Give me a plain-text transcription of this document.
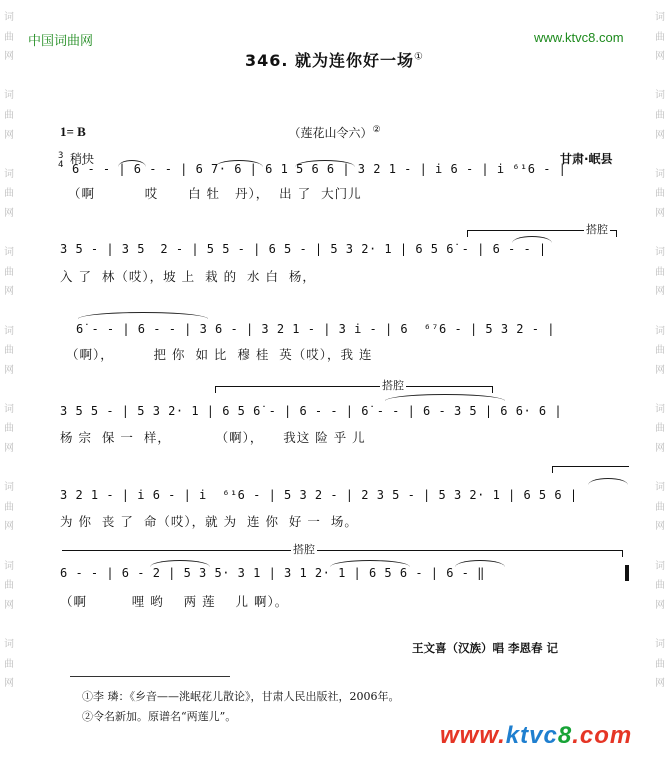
词
曲
网

词
曲
网

词
曲
网

词
曲
网

词
曲
网

词
曲
网

词
曲
网

词
曲
网

词
曲
网
词
曲
网

词
曲
网

词
曲
网

词
曲
网

词
曲
网

词
曲
网

词
曲
网

词
曲
网

词
曲
网
中国词曲网	www.ktvc8.com
346. 就为连你好一场①
1= B	（莲花山令六）②
稍快	甘肃·岷县
6̇ - - | 6 - - | 6 7· 6 | 6 1 5 6 6 | 3 2 1 - | i 6 - | i ⁶¹6 - |
（啊          哎      白 牡   丹），  出 了  大门儿
3
4
搭腔
3 5 - | 3 5  2 - | 5 5 - | 6 5 - | 5 3 2· 1 | 6 5 6̇ - | 6 - - |
入 了  林（哎），坡 上  栽 的  水 白  杨，
6̇ - - | 6 - - | 3 6 - | 3 2 1 - | 3 i - | 6  ⁶⁷6 - | 5 3 2 - |
（啊），        把 你  如 比  穆 桂  英（哎），我 连
搭腔
3 5 5 - | 5 3 2· 1 | 6 5 6̇ - | 6 - - | 6̇ - - | 6 - 3 5 | 6 6· 6 |
杨 宗  保 一  样，         （啊），    我这 险 乎 儿
3 2 1 - | i 6 - | i  ⁶¹6 - | 5 3 2 - | 2 3 5 - | 5 3 2· 1 | 6 5 6 |
为 你  丧 了  命（哎），就 为  连 你  好 一  场。
搭腔
6 - - | 6 - 2 | 5 3 5· 3 1 | 3 1 2· 1 | 6 5 6 - | 6 - ‖
（啊         哩 哟    两 莲    儿 啊）。
王文喜（汉族）唱 李恩春 记
①李 璘：《乡音——洮岷花儿散论》，甘肃人民出版社，2006年。
②令名新加。原谱名“两莲儿”。
www.ktvc8.com
